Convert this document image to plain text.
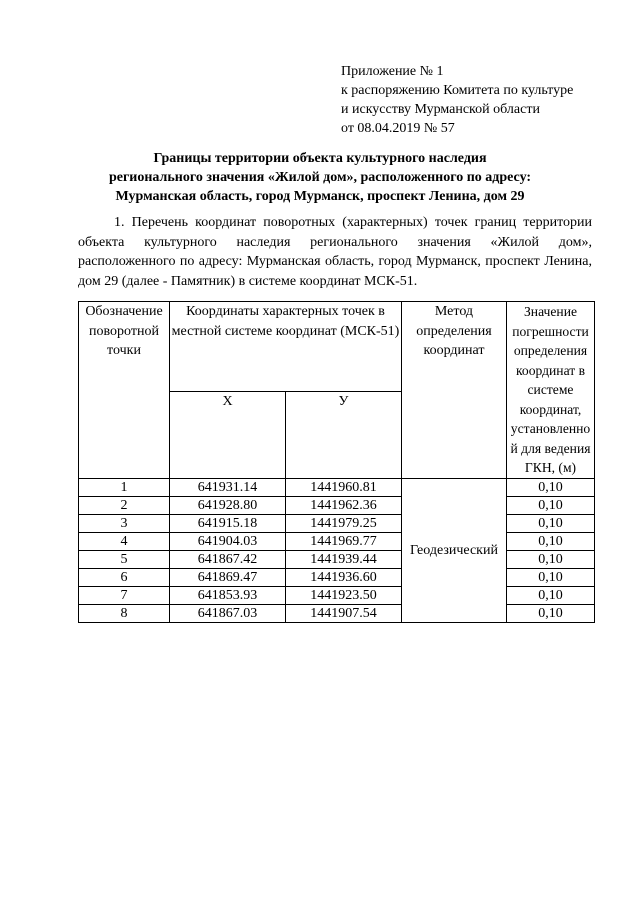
Приложение № 1
к распоряжению Комитета по культуре
и искусству Мурманской области
от 08.04.2019 № 57
Границы территории объекта культурного наследия
регионального значения «Жилой дом», расположенного по адресу:
Мурманская область, город Мурманск, проспект Ленина, дом 29
1. Перечень координат поворотных (характерных) точек границ территории объекта культурного наследия регионального значения «Жилой дом», расположенного по адресу: Мурманская область, город Мурманск, проспект Ленина, дом 29 (далее - Памятник) в системе координат МСК-51.
Обозначение поворотной точки	Координаты характерных точек в местной системе координат (МСК-51)		Метод определения координат	Значение погрешности определения координат в системе координат, установленной для ведения ГКН, (м)
	Х	У		
1	641931.14	1441960.81	Геодезический	0,10
2	641928.80	1441962.36		0,10
3	641915.18	1441979.25		0,10
4	641904.03	1441969.77		0,10
5	641867.42	1441939.44		0,10
6	641869.47	1441936.60		0,10
7	641853.93	1441923.50		0,10
8	641867.03	1441907.54		0,10
